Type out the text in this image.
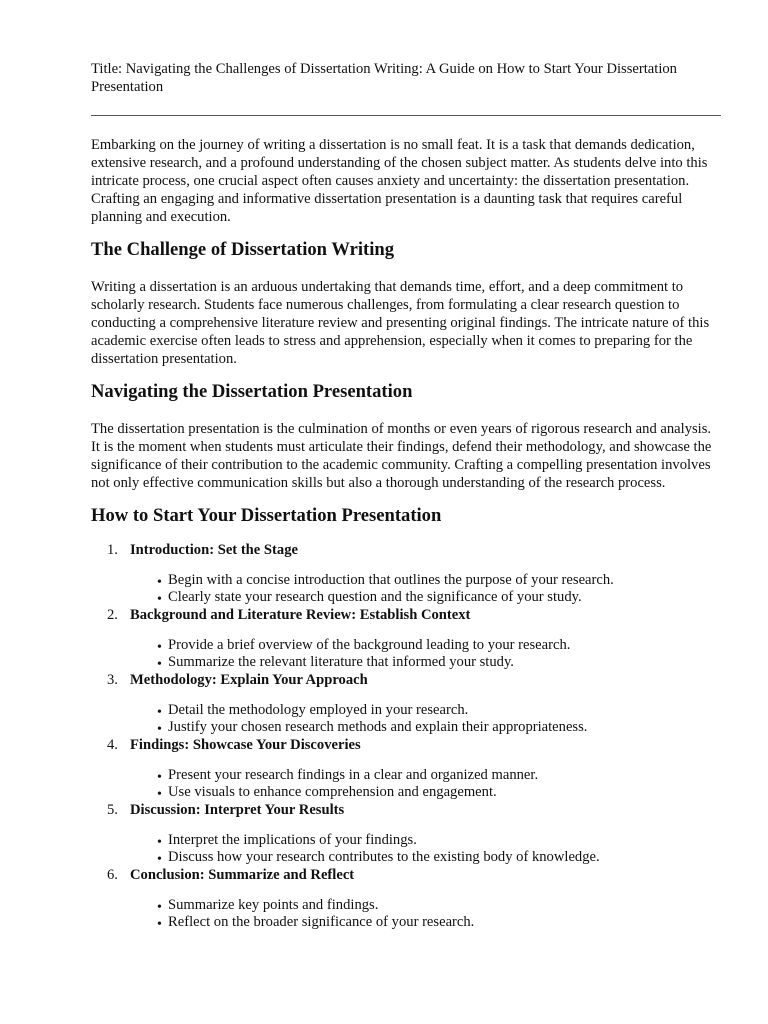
Title: Navigating the Challenges of Dissertation Writing: A Guide on How to Start Your Dissertation Presentation

Embarking on the journey of writing a dissertation is no small feat. It is a task that demands dedication, extensive research, and a profound understanding of the chosen subject matter. As students delve into this intricate process, one crucial aspect often causes anxiety and uncertainty: the dissertation presentation. Crafting an engaging and informative dissertation presentation is a daunting task that requires careful planning and execution.

The Challenge of Dissertation Writing

Writing a dissertation is an arduous undertaking that demands time, effort, and a deep commitment to scholarly research. Students face numerous challenges, from formulating a clear research question to conducting a comprehensive literature review and presenting original findings. The intricate nature of this academic exercise often leads to stress and apprehension, especially when it comes to preparing for the dissertation presentation.

Navigating the Dissertation Presentation

The dissertation presentation is the culmination of months or even years of rigorous research and analysis. It is the moment when students must articulate their findings, defend their methodology, and showcase the significance of their contribution to the academic community. Crafting a compelling presentation involves not only effective communication skills but also a thorough understanding of the research process.

How to Start Your Dissertation Presentation
1. Introduction: Set the Stage
• Begin with a concise introduction that outlines the purpose of your research.
• Clearly state your research question and the significance of your study.
2. Background and Literature Review: Establish Context
• Provide a brief overview of the background leading to your research.
• Summarize the relevant literature that informed your study.
3. Methodology: Explain Your Approach
• Detail the methodology employed in your research.
• Justify your chosen research methods and explain their appropriateness.
4. Findings: Showcase Your Discoveries
• Present your research findings in a clear and organized manner.
• Use visuals to enhance comprehension and engagement.
5. Discussion: Interpret Your Results
• Interpret the implications of your findings.
• Discuss how your research contributes to the existing body of knowledge.
6. Conclusion: Summarize and Reflect
• Summarize key points and findings.
• Reflect on the broader significance of your research.
